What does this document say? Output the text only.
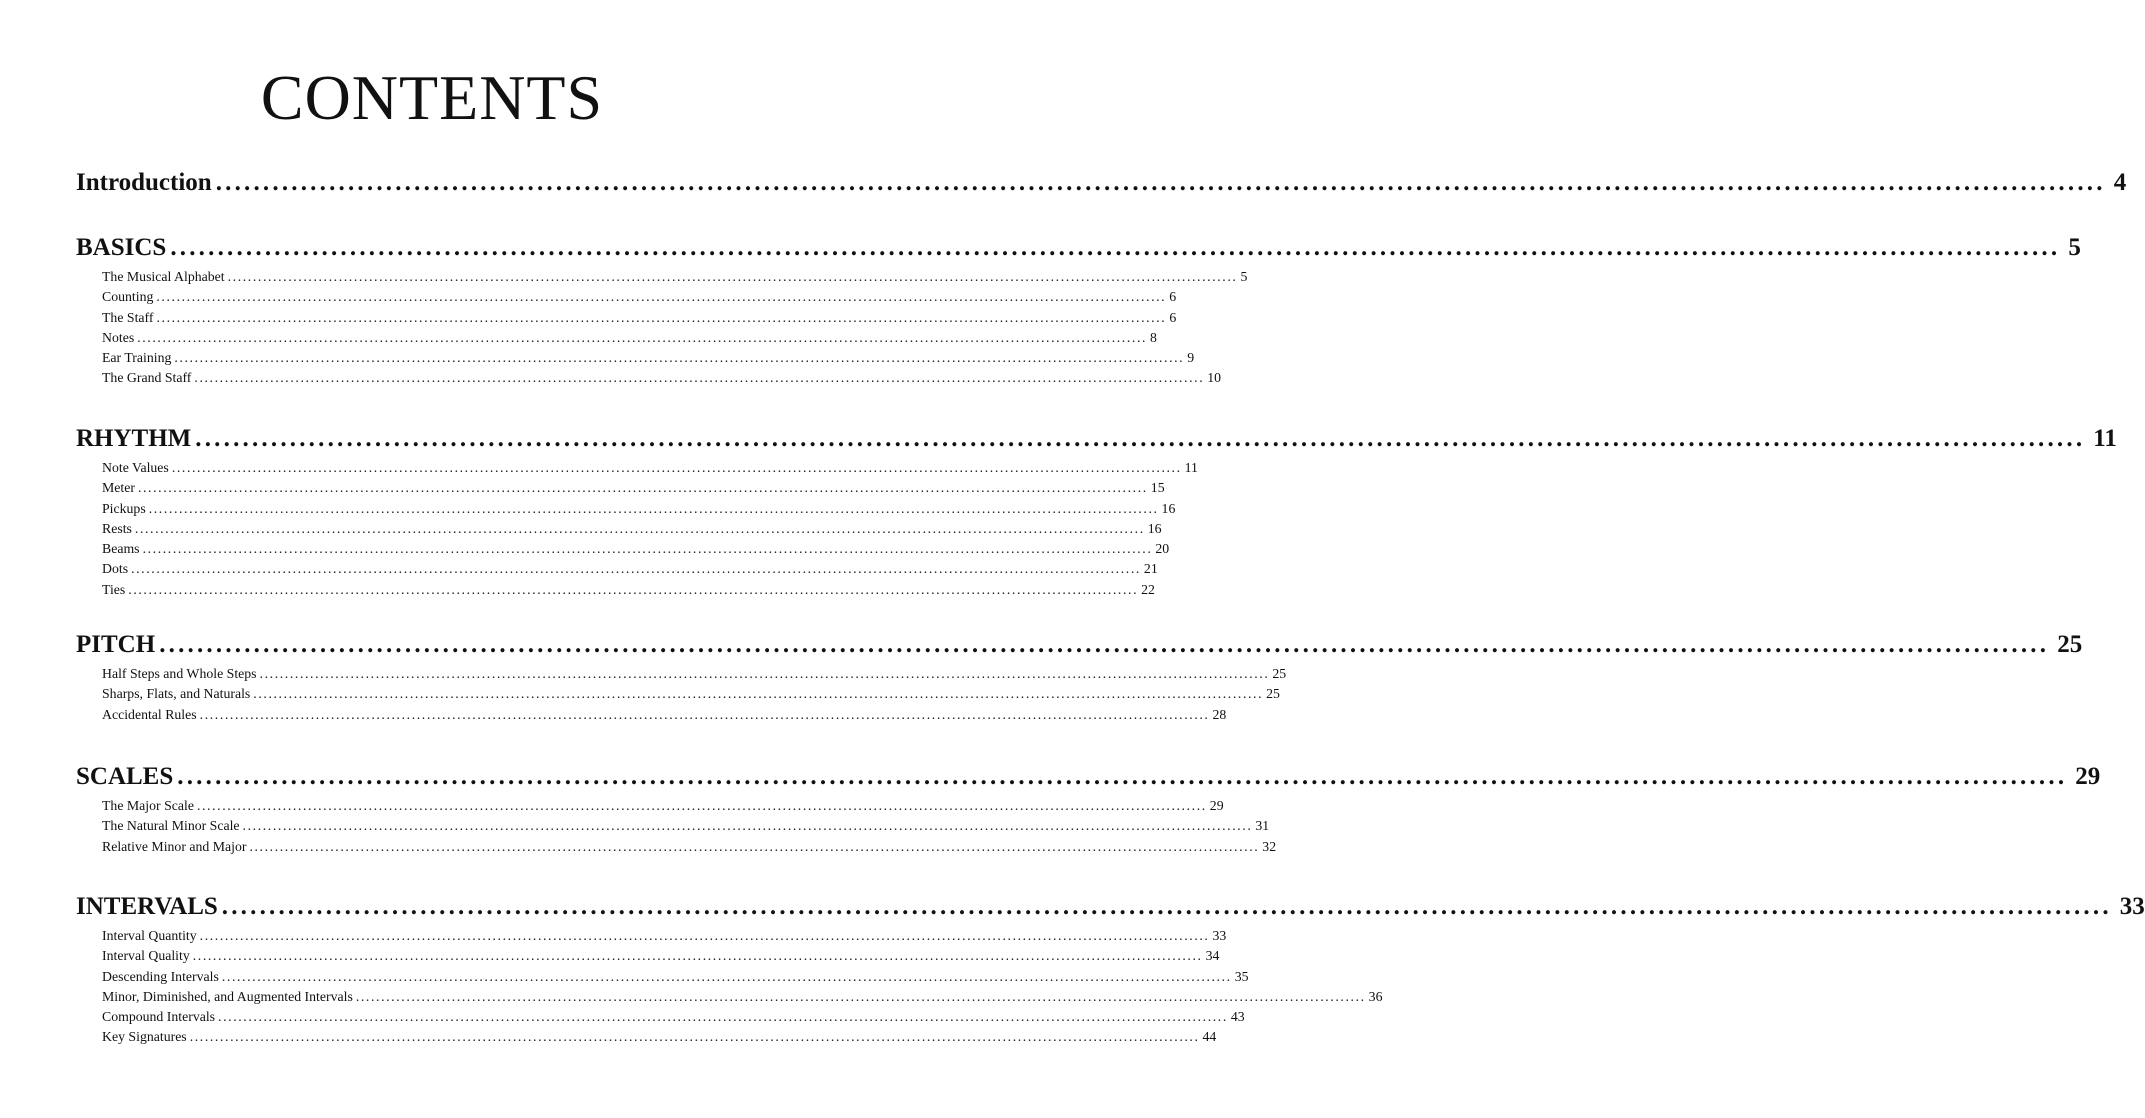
CONTENTS
Introduction ........................................................................................................................................................................................................ 4
BASICS ........................................................................................................................................................................................................ 5
The Musical Alphabet ........................................................................................................................................................................................................ 5
Counting ........................................................................................................................................................................................................ 6
The Staff ........................................................................................................................................................................................................ 6
Notes ........................................................................................................................................................................................................ 8
Ear Training ........................................................................................................................................................................................................ 9
The Grand Staff ........................................................................................................................................................................................................ 10
RHYTHM ........................................................................................................................................................................................................ 11
Note Values ........................................................................................................................................................................................................ 11
Meter ........................................................................................................................................................................................................ 15
Pickups ........................................................................................................................................................................................................ 16
Rests ........................................................................................................................................................................................................ 16
Beams ........................................................................................................................................................................................................ 20
Dots ........................................................................................................................................................................................................ 21
Ties ........................................................................................................................................................................................................ 22
PITCH ........................................................................................................................................................................................................ 25
Half Steps and Whole Steps ........................................................................................................................................................................................................ 25
Sharps, Flats, and Naturals ........................................................................................................................................................................................................ 25
Accidental Rules ........................................................................................................................................................................................................ 28
SCALES ........................................................................................................................................................................................................ 29
The Major Scale ........................................................................................................................................................................................................ 29
The Natural Minor Scale ........................................................................................................................................................................................................ 31
Relative Minor and Major ........................................................................................................................................................................................................ 32
INTERVALS ........................................................................................................................................................................................................ 33
Interval Quantity ........................................................................................................................................................................................................ 33
Interval Quality ........................................................................................................................................................................................................ 34
Descending Intervals ........................................................................................................................................................................................................ 35
Minor, Diminished, and Augmented Intervals ........................................................................................................................................................................................................ 36
Compound Intervals ........................................................................................................................................................................................................ 43
Key Signatures ........................................................................................................................................................................................................ 44
